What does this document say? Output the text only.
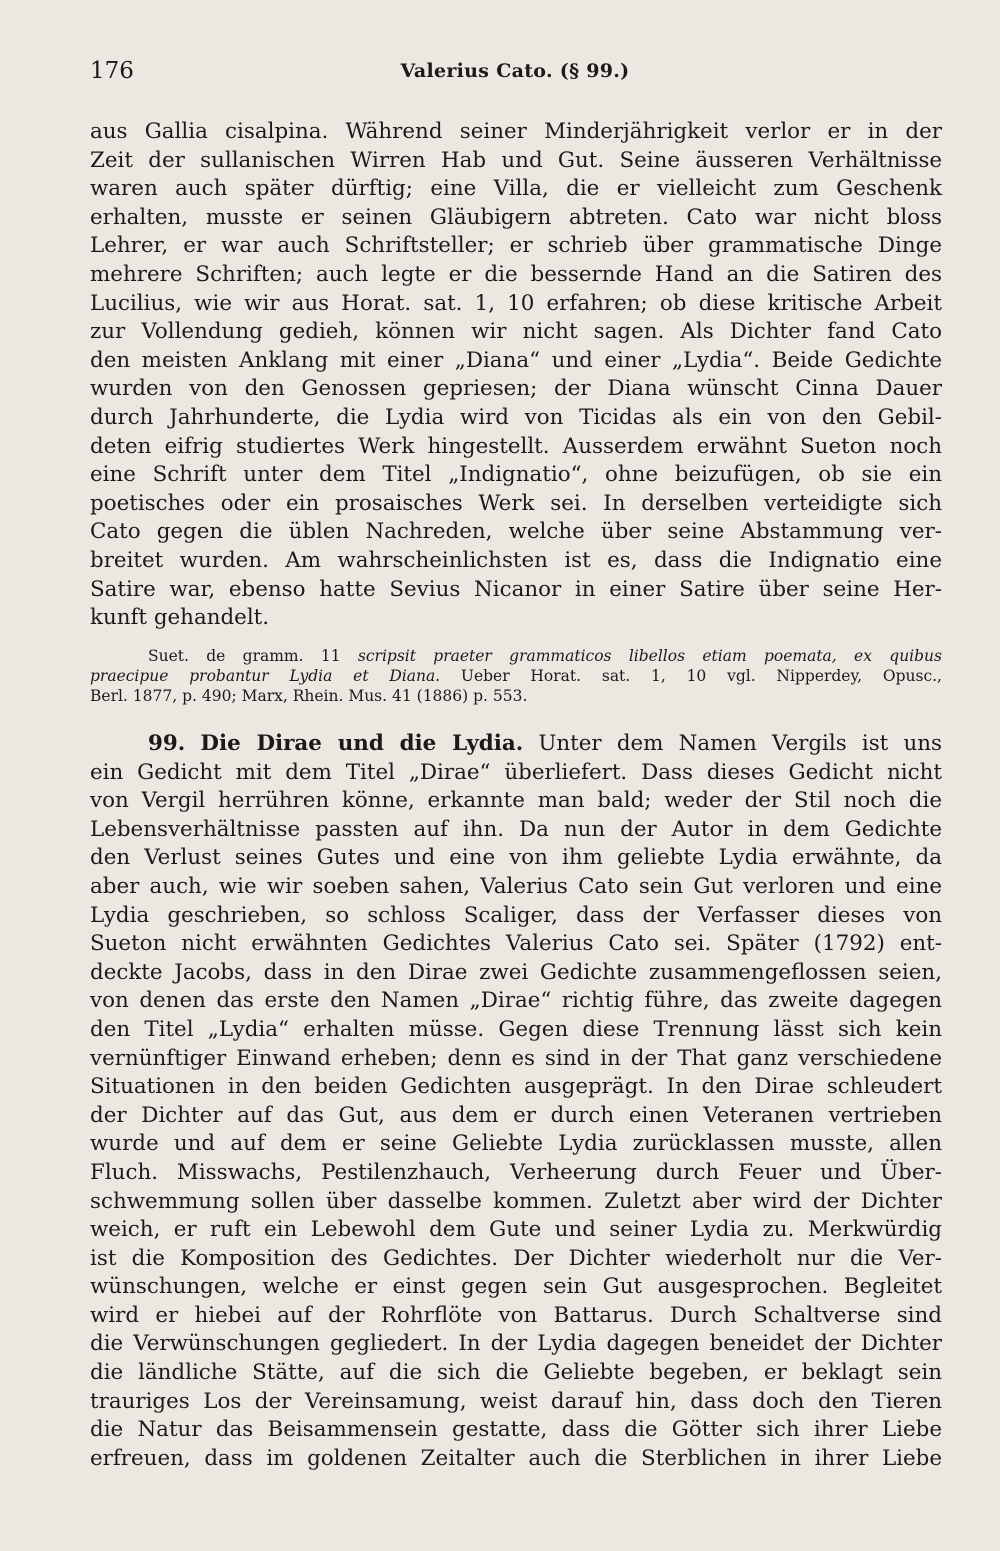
176	Valerius Cato. (§ 99.)
aus Gallia cisalpina. Während seiner Minderjährigkeit verlor er in der
Zeit der sullanischen Wirren Hab und Gut. Seine äusseren Verhältnisse
waren auch später dürftig; eine Villa, die er vielleicht zum Geschenk
erhalten, musste er seinen Gläubigern abtreten. Cato war nicht bloss
Lehrer, er war auch Schriftsteller; er schrieb über grammatische Dinge
mehrere Schriften; auch legte er die bessernde Hand an die Satiren des
Lucilius, wie wir aus Horat. sat. 1, 10 erfahren; ob diese kritische Arbeit
zur Vollendung gedieh, können wir nicht sagen. Als Dichter fand Cato
den meisten Anklang mit einer „Diana“ und einer „Lydia“. Beide Gedichte
wurden von den Genossen gepriesen; der Diana wünscht Cinna Dauer
durch Jahrhunderte, die Lydia wird von Ticidas als ein von den Gebil-
deten eifrig studiertes Werk hingestellt. Ausserdem erwähnt Sueton noch
eine Schrift unter dem Titel „Indignatio“, ohne beizufügen, ob sie ein
poetisches oder ein prosaisches Werk sei. In derselben verteidigte sich
Cato gegen die üblen Nachreden, welche über seine Abstammung ver-
breitet wurden. Am wahrscheinlichsten ist es, dass die Indignatio eine
Satire war, ebenso hatte Sevius Nicanor in einer Satire über seine Her-
kunft gehandelt.
Suet. de gramm. 11 scripsit praeter grammaticos libellos etiam poemata, ex quibus
praecipue probantur Lydia et Diana. Ueber Horat. sat. 1, 10 vgl. Nipperdey, Opusc.,
Berl. 1877, p. 490; Marx, Rhein. Mus. 41 (1886) p. 553.
99. Die Dirae und die Lydia. Unter dem Namen Vergils ist uns
ein Gedicht mit dem Titel „Dirae“ überliefert. Dass dieses Gedicht nicht
von Vergil herrühren könne, erkannte man bald; weder der Stil noch die
Lebensverhältnisse passten auf ihn. Da nun der Autor in dem Gedichte
den Verlust seines Gutes und eine von ihm geliebte Lydia erwähnte, da
aber auch, wie wir soeben sahen, Valerius Cato sein Gut verloren und eine
Lydia geschrieben, so schloss Scaliger, dass der Verfasser dieses von
Sueton nicht erwähnten Gedichtes Valerius Cato sei. Später (1792) ent-
deckte Jacobs, dass in den Dirae zwei Gedichte zusammengeflossen seien,
von denen das erste den Namen „Dirae“ richtig führe, das zweite dagegen
den Titel „Lydia“ erhalten müsse. Gegen diese Trennung lässt sich kein
vernünftiger Einwand erheben; denn es sind in der That ganz verschiedene
Situationen in den beiden Gedichten ausgeprägt. In den Dirae schleudert
der Dichter auf das Gut, aus dem er durch einen Veteranen vertrieben
wurde und auf dem er seine Geliebte Lydia zurücklassen musste, allen
Fluch. Misswachs, Pestilenzhauch, Verheerung durch Feuer und Über-
schwemmung sollen über dasselbe kommen. Zuletzt aber wird der Dichter
weich, er ruft ein Lebewohl dem Gute und seiner Lydia zu. Merkwürdig
ist die Komposition des Gedichtes. Der Dichter wiederholt nur die Ver-
wünschungen, welche er einst gegen sein Gut ausgesprochen. Begleitet
wird er hiebei auf der Rohrflöte von Battarus. Durch Schaltverse sind
die Verwünschungen gegliedert. In der Lydia dagegen beneidet der Dichter
die ländliche Stätte, auf die sich die Geliebte begeben, er beklagt sein
trauriges Los der Vereinsamung, weist darauf hin, dass doch den Tieren
die Natur das Beisammensein gestatte, dass die Götter sich ihrer Liebe
erfreuen, dass im goldenen Zeitalter auch die Sterblichen in ihrer Liebe
